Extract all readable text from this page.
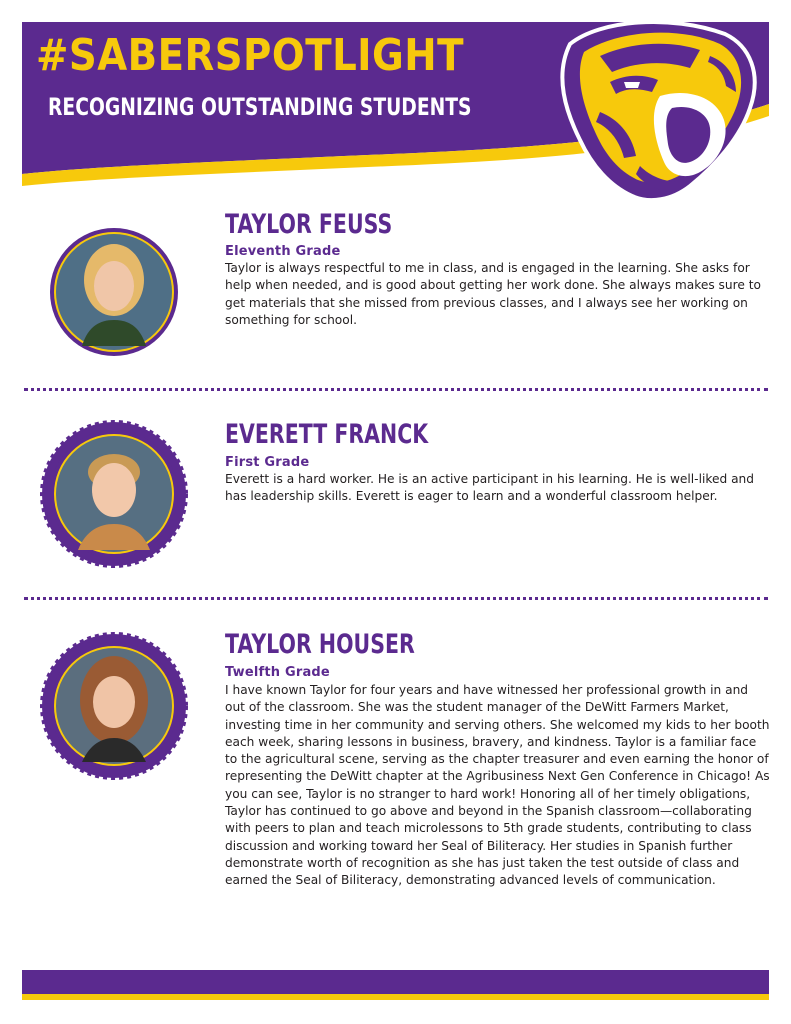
#SABERSPOTLIGHT
RECOGNIZING OUTSTANDING STUDENTS
TAYLOR FEUSS
Eleventh Grade
Taylor is always respectful to me in class, and is engaged in the learning. She asks for help when needed, and is good about getting her work done. She always makes sure to get materials that she missed from previous classes, and I always see her working on something for school.
EVERETT FRANCK
First Grade
Everett is a hard worker. He is an active participant in his learning. He is well-liked and has leadership skills. Everett is eager to learn and a wonderful classroom helper.
TAYLOR HOUSER
Twelfth Grade
I have known Taylor for four years and have witnessed her professional growth in and out of the classroom. She was the student manager of the DeWitt Farmers Market, investing time in her community and serving others. She welcomed my kids to her booth each week, sharing lessons in business, bravery, and kindness. Taylor is a familiar face to the agricultural scene, serving as the chapter treasurer and even earning the honor of representing the DeWitt chapter at the Agribusiness Next Gen Conference in Chicago! As you can see, Taylor is no stranger to hard work! Honoring all of her timely obligations, Taylor has continued to go above and beyond in the Spanish classroom—collaborating with peers to plan and teach microlessons to 5th grade students, contributing to class discussion and working toward her Seal of Biliteracy. Her studies in Spanish further demonstrate worth of recognition as she has just taken the test outside of class and earned the Seal of Biliteracy, demonstrating advanced levels of communication.
